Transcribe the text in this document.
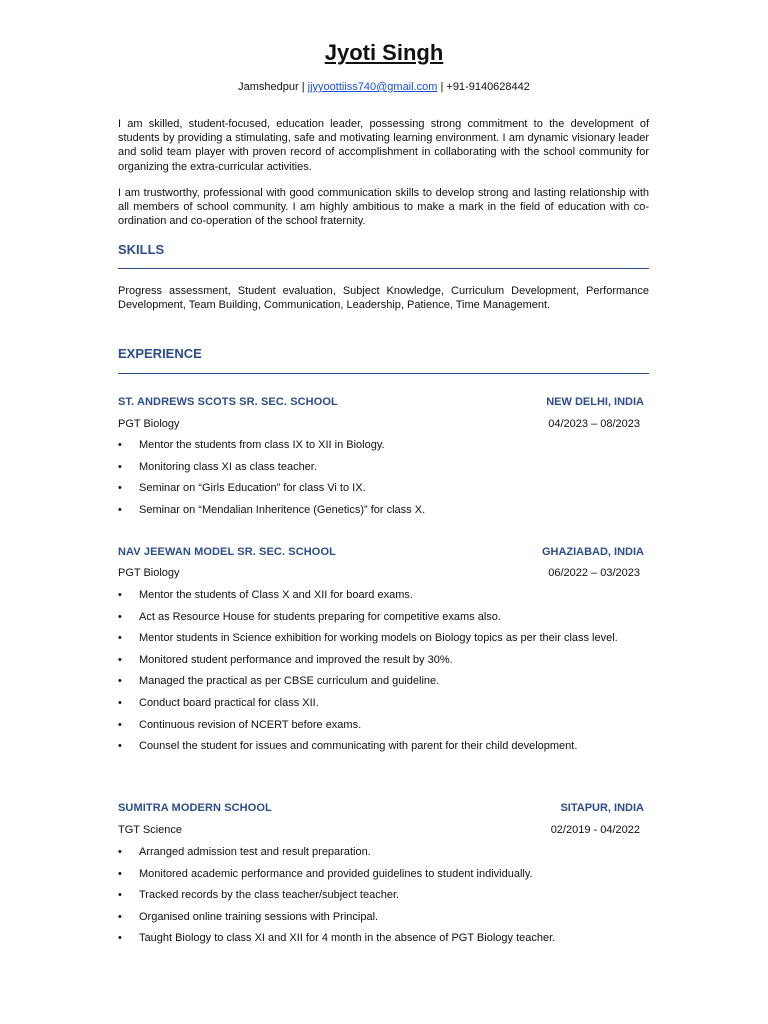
Jyoti Singh
Jamshedpur | jjyyoottiiss740@gmail.com | +91-9140628442
I am skilled, student-focused, education leader, possessing strong commitment to the development of students by providing a stimulating, safe and motivating learning environment. I am dynamic visionary leader and solid team player with proven record of accomplishment in collaborating with the school community for organizing the extra-curricular activities.
I am trustworthy, professional with good communication skills to develop strong and lasting relationship with all members of school community. I am highly ambitious to make a mark in the field of education with co-ordination and co-operation of the school fraternity.
SKILLS
Progress assessment, Student evaluation, Subject Knowledge, Curriculum Development, Performance Development, Team Building, Communication, Leadership, Patience, Time Management.
EXPERIENCE
ST. ANDREWS SCOTS SR. SEC. SCHOOL	NEW DELHI, INDIA
PGT Biology	04/2023 – 08/2023
• Mentor the students from class IX to XII in Biology.
• Monitoring class XI as class teacher.
• Seminar on “Girls Education” for class Vi to IX.
• Seminar on “Mendalian Inheritence (Genetics)” for class X.
NAV JEEWAN MODEL SR. SEC. SCHOOL	GHAZIABAD, INDIA
PGT Biology	06/2022 – 03/2023
• Mentor the students of Class X and XII for board exams.
• Act as Resource House for students preparing for competitive exams also.
• Mentor students in Science exhibition for working models on Biology topics as per their class level.
• Monitored student performance and improved the result by 30%.
• Managed the practical as per CBSE curriculum and guideline.
• Conduct board practical for class XII.
• Continuous revision of NCERT before exams.
• Counsel the student for issues and communicating with parent for their child development.
SUMITRA MODERN SCHOOL	SITAPUR, INDIA
TGT Science	02/2019 - 04/2022
• Arranged admission test and result preparation.
• Monitored academic performance and provided guidelines to student individually.
• Tracked records by the class teacher/subject teacher.
• Organised online training sessions with Principal.
• Taught Biology to class XI and XII for 4 month in the absence of PGT Biology teacher.
